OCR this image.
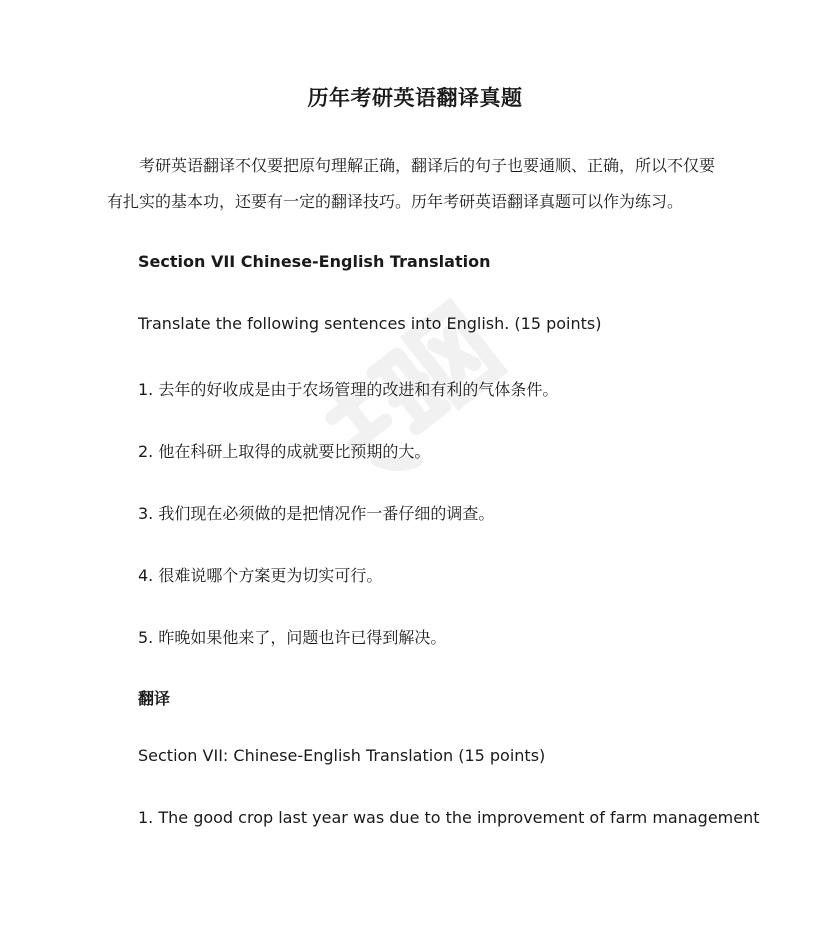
历年考研英语翻译真题

考研英语翻译不仅要把原句理解正确，翻译后的句子也要通顺、正确，所以不仅要有扎实的基本功，还要有一定的翻译技巧。历年考研英语翻译真题可以作为练习。

Section VII Chinese-English Translation

Translate the following sentences into English. (15 points)

1. 去年的好收成是由于农场管理的改进和有利的气体条件。

2. 他在科研上取得的成就要比预期的大。

3. 我们现在必须做的是把情况作一番仔细的调查。

4. 很难说哪个方案更为切实可行。

5. 昨晚如果他来了，问题也许已得到解决。

翻译

Section VII: Chinese-English Translation (15 points)

1. The good crop last year was due to the improvement of farm management
